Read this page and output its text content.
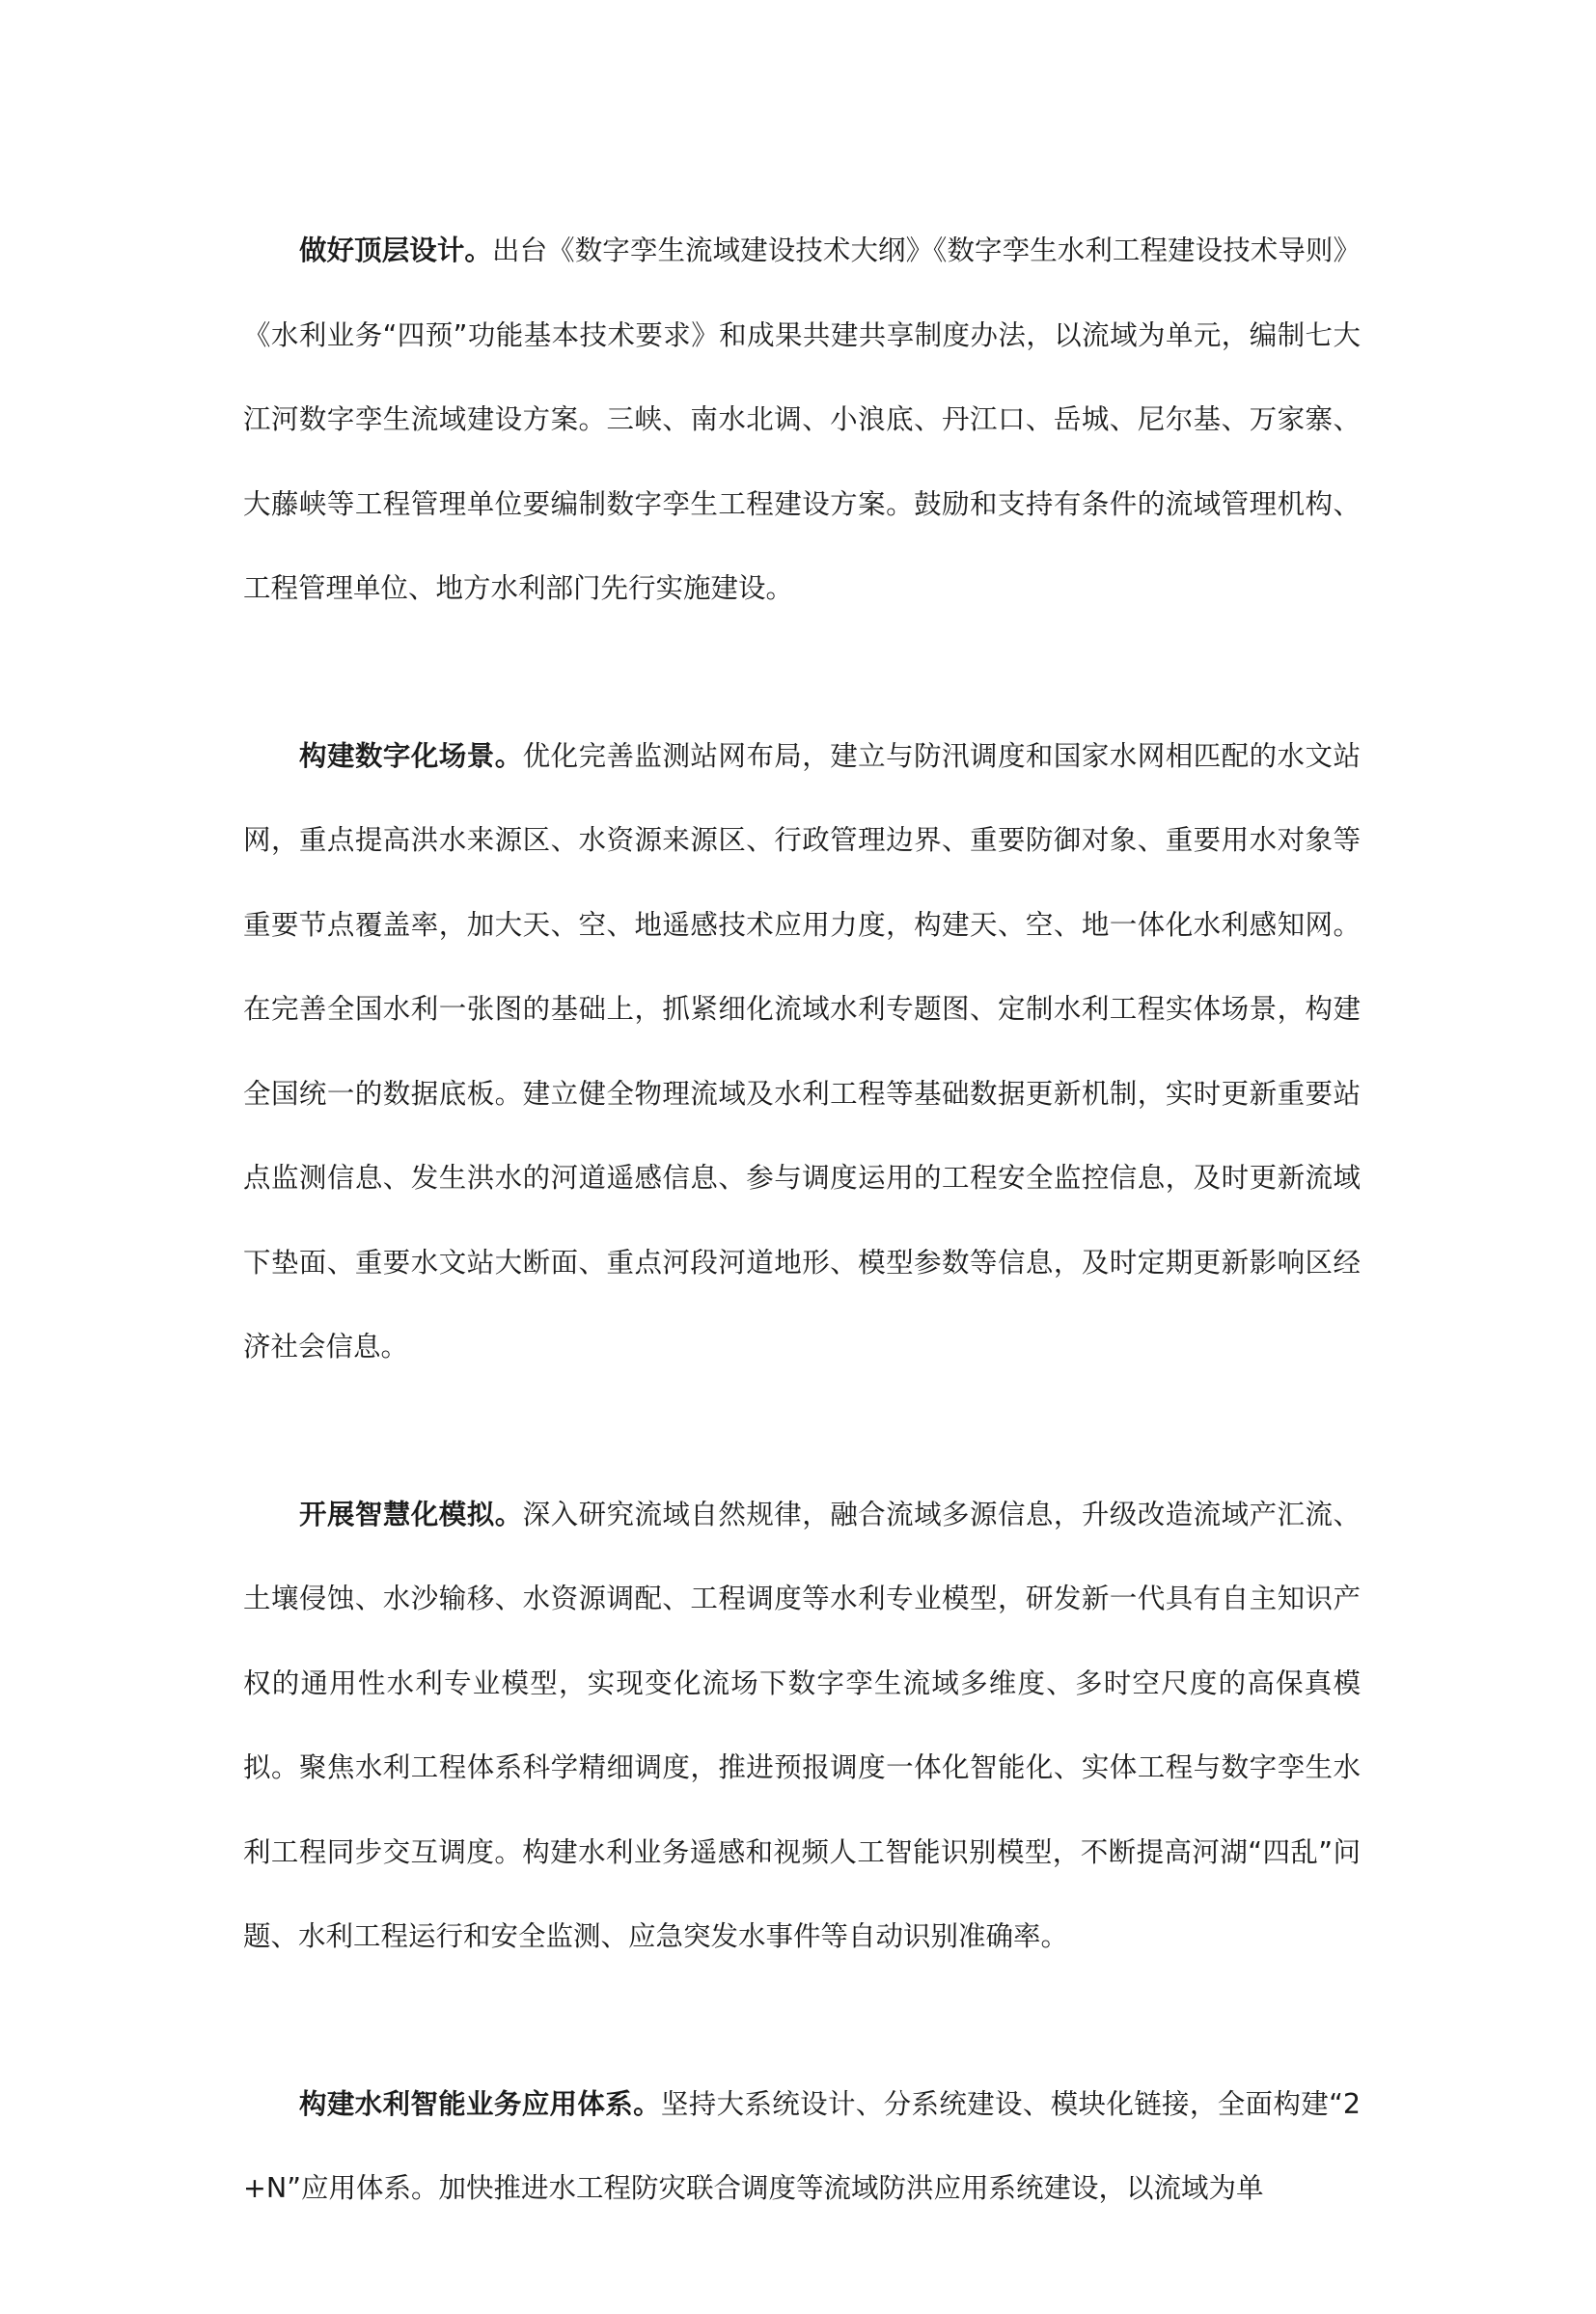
做好顶层设计。出台《数字孪生流域建设技术大纲》《数字孪生水利工程建设技术导则》《水利业务“四预”功能基本技术要求》和成果共建共享制度办法，以流域为单元，编制七大江河数字孪生流域建设方案。三峡、南水北调、小浪底、丹江口、岳城、尼尔基、万家寨、大藤峡等工程管理单位要编制数字孪生工程建设方案。鼓励和支持有条件的流域管理机构、工程管理单位、地方水利部门先行实施建设。

构建数字化场景。优化完善监测站网布局，建立与防汛调度和国家水网相匹配的水文站网，重点提高洪水来源区、水资源来源区、行政管理边界、重要防御对象、重要用水对象等重要节点覆盖率，加大天、空、地遥感技术应用力度，构建天、空、地一体化水利感知网。在完善全国水利一张图的基础上，抓紧细化流域水利专题图、定制水利工程实体场景，构建全国统一的数据底板。建立健全物理流域及水利工程等基础数据更新机制，实时更新重要站点监测信息、发生洪水的河道遥感信息、参与调度运用的工程安全监控信息，及时更新流域下垫面、重要水文站大断面、重点河段河道地形、模型参数等信息，及时定期更新影响区经济社会信息。

开展智慧化模拟。深入研究流域自然规律，融合流域多源信息，升级改造流域产汇流、土壤侵蚀、水沙输移、水资源调配、工程调度等水利专业模型，研发新一代具有自主知识产权的通用性水利专业模型，实现变化流场下数字孪生流域多维度、多时空尺度的高保真模拟。聚焦水利工程体系科学精细调度，推进预报调度一体化智能化、实体工程与数字孪生水利工程同步交互调度。构建水利业务遥感和视频人工智能识别模型，不断提高河湖“四乱”问题、水利工程运行和安全监测、应急突发水事件等自动识别准确率。

构建水利智能业务应用体系。坚持大系统设计、分系统建设、模块化链接，全面构建“2+N”应用体系。加快推进水工程防灾联合调度等流域防洪应用系统建设，以流域为单
